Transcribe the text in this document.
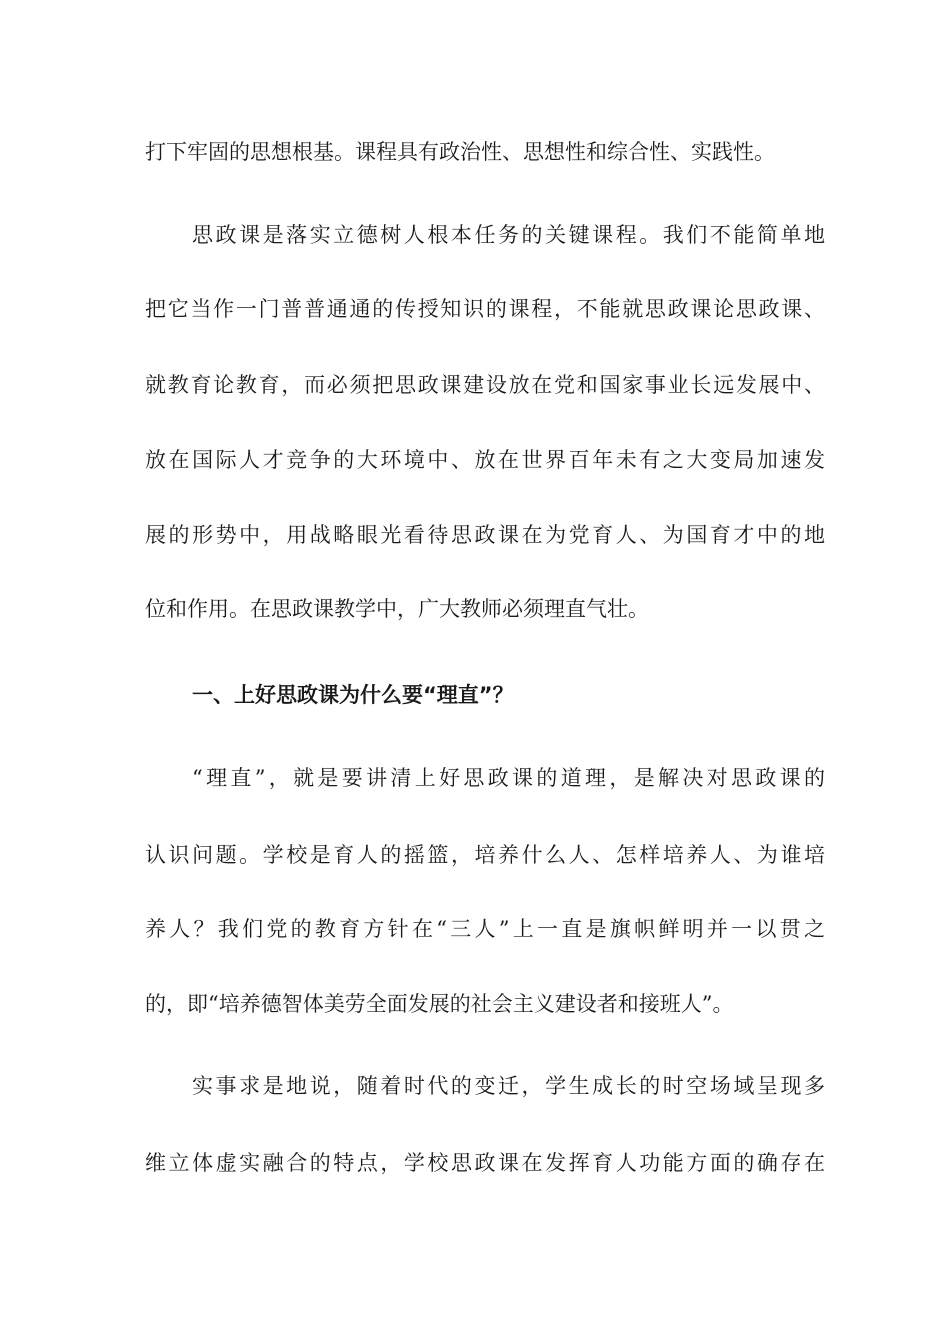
打下牢固的思想根基。课程具有政治性、思想性和综合性、实践性。
思政课是落实立德树人根本任务的关键课程。我们不能简单地
把它当作一门普普通通的传授知识的课程，不能就思政课论思政课、
就教育论教育，而必须把思政课建设放在党和国家事业长远发展中、
放在国际人才竞争的大环境中、放在世界百年未有之大变局加速发
展的形势中，用战略眼光看待思政课在为党育人、为国育才中的地
位和作用。在思政课教学中，广大教师必须理直气壮。
一、上好思政课为什么要“理直”？
“理直”，就是要讲清上好思政课的道理，是解决对思政课的
认识问题。学校是育人的摇篮，培养什么人、怎样培养人、为谁培
养人？我们党的教育方针在“三人”上一直是旗帜鲜明并一以贯之
的，即“培养德智体美劳全面发展的社会主义建设者和接班人”。
实事求是地说，随着时代的变迁，学生成长的时空场域呈现多
维立体虚实融合的特点，学校思政课在发挥育人功能方面的确存在
